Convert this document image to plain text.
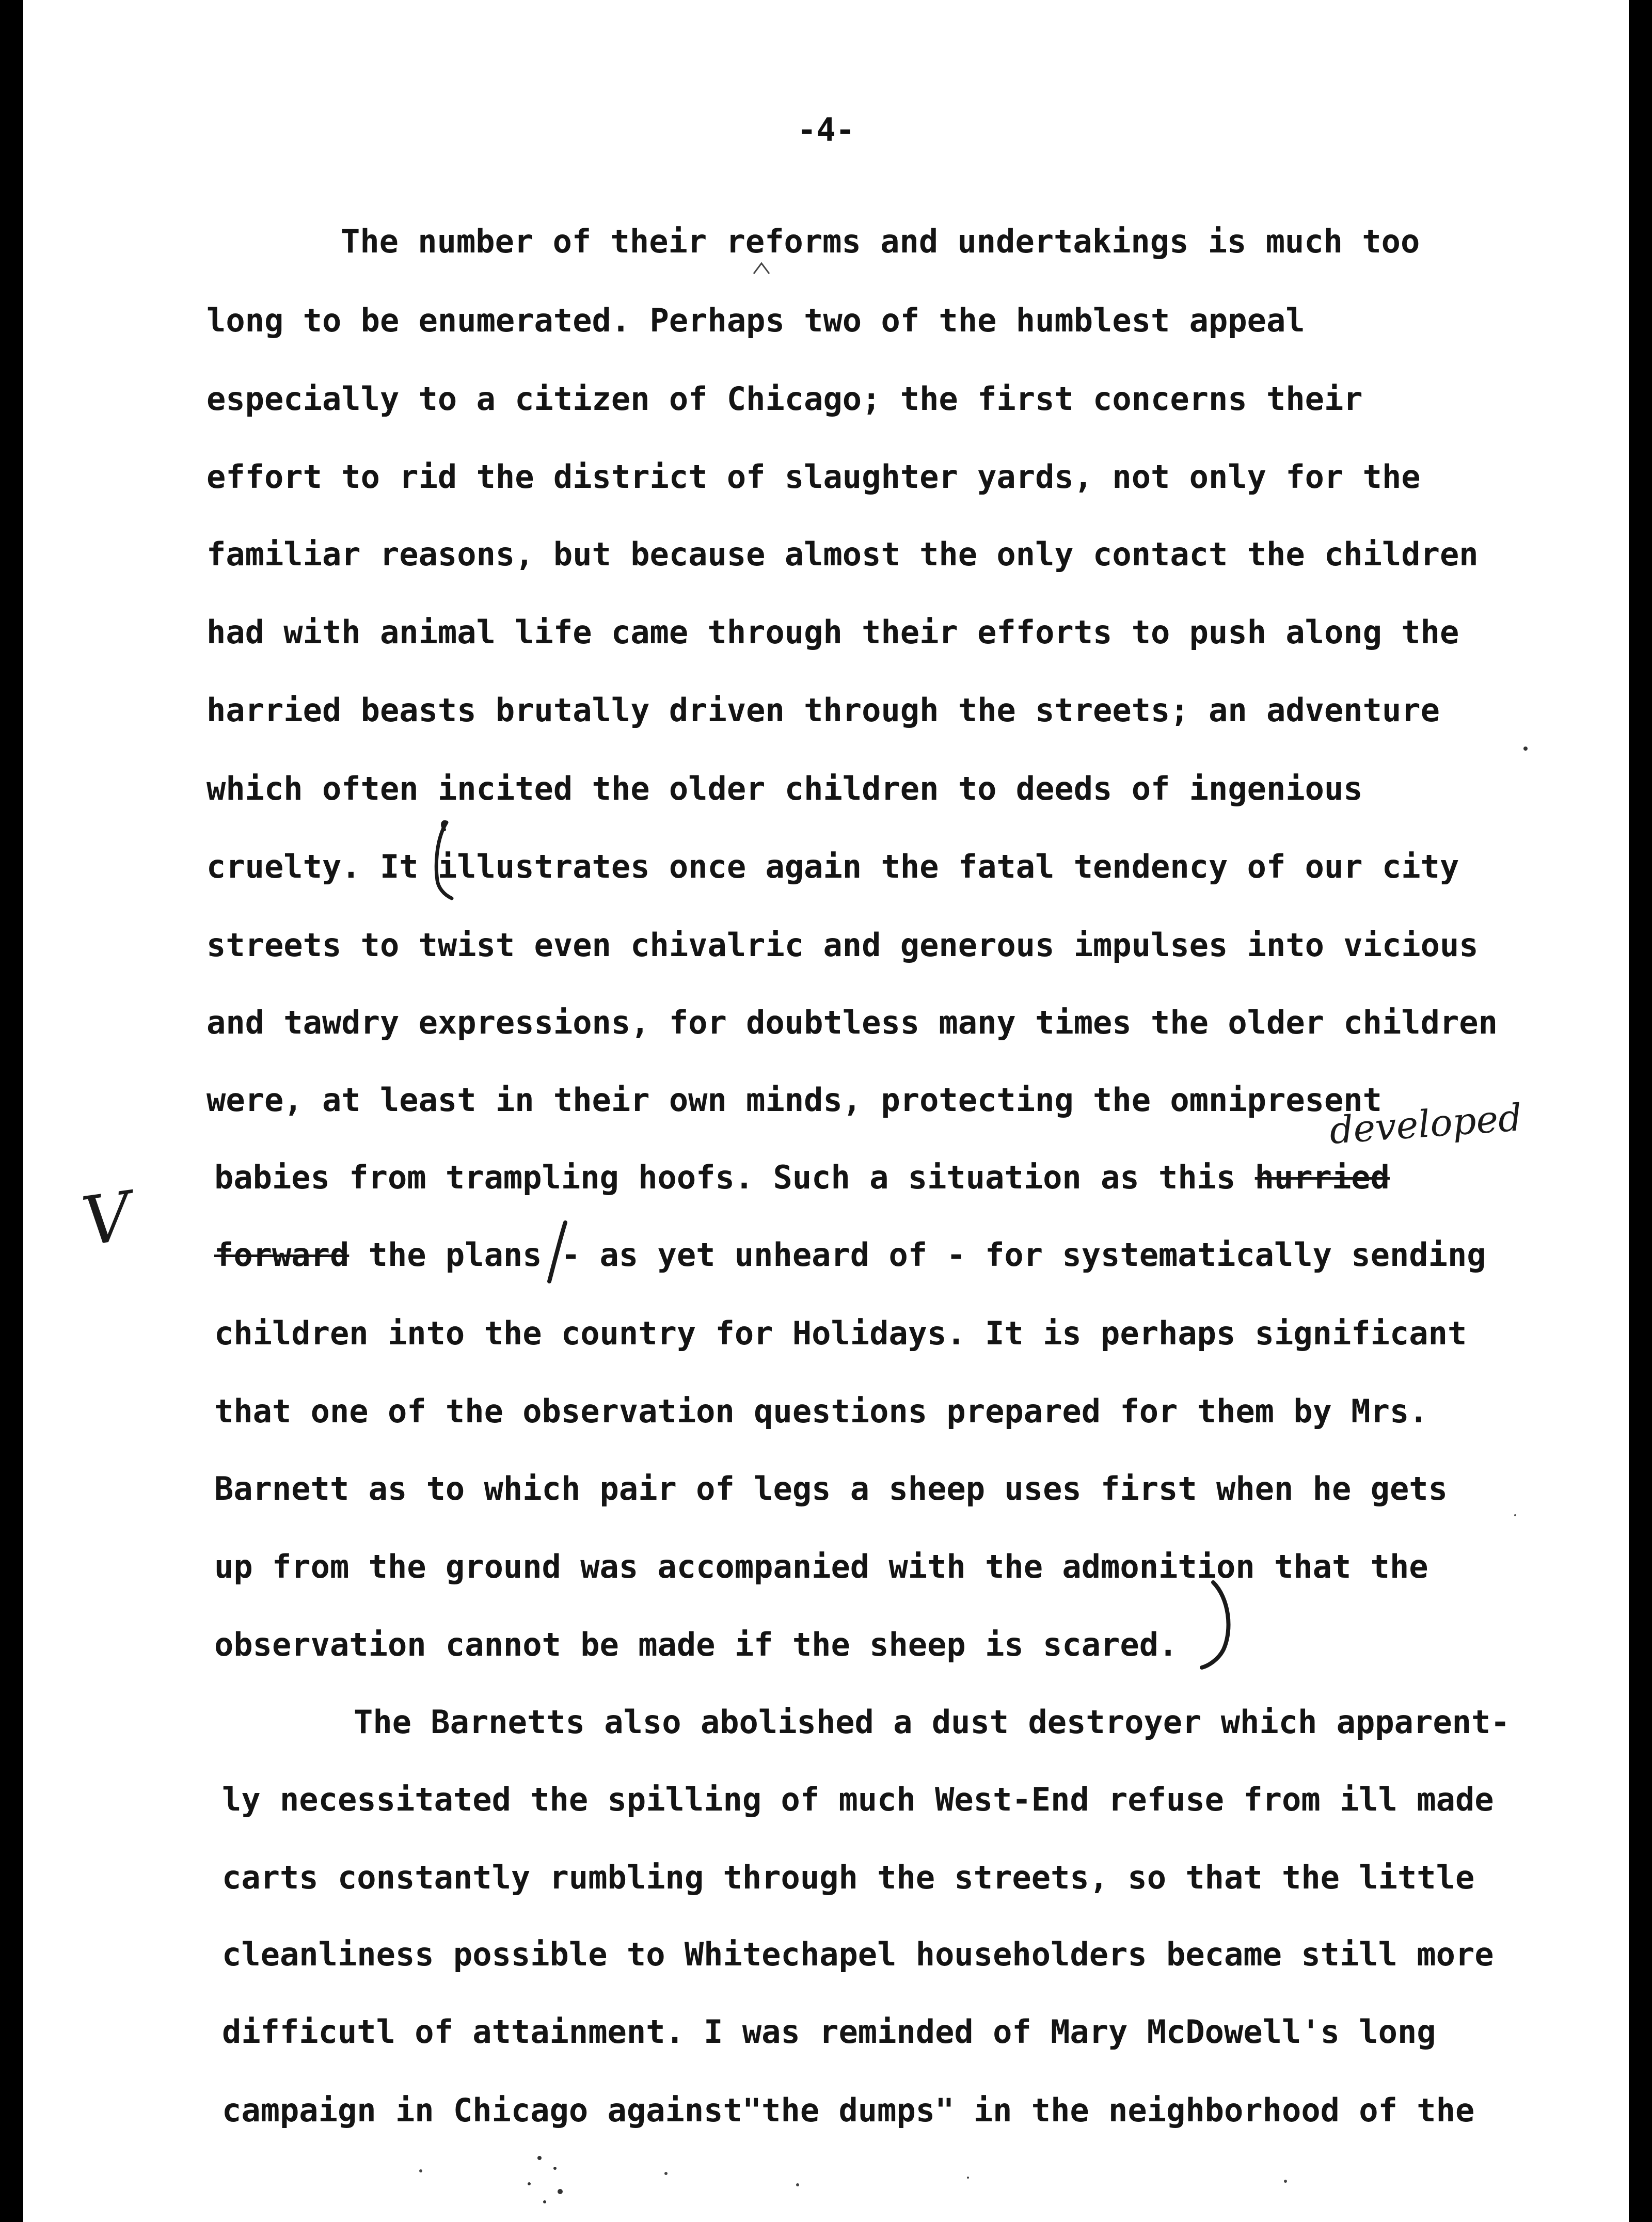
-4-
The number of their reforms and undertakings is much too
long to be enumerated. Perhaps two of the humblest appeal
especially to a citizen of Chicago; the first concerns their
effort to rid the district of slaughter yards, not only for the
familiar reasons, but because almost the only contact the children
had with animal life came through their efforts to push along the
harried beasts brutally driven through the streets; an adventure
which often incited the older children to deeds of ingenious
cruelty. It illustrates once again the fatal tendency of our city
streets to twist even chivalric and generous impulses into vicious
and tawdry expressions, for doubtless many times the older children
were, at least in their own minds, protecting the omnipresent
babies from trampling hoofs. Such a situation as this hurried
forward the plans - as yet unheard of - for systematically sending
children into the country for Holidays. It is perhaps significant
that one of the observation questions prepared for them by Mrs.
Barnett as to which pair of legs a sheep uses first when he gets
up from the ground was accompanied with the admonition that the
observation cannot be made if the sheep is scared.
The Barnetts also abolished a dust destroyer which apparent-
ly necessitated the spilling of much West-End refuse from ill made
carts constantly rumbling through the streets, so that the little
cleanliness possible to Whitechapel householders became still more
difficutl of attainment. I was reminded of Mary McDowell's long
campaign in Chicago against"the dumps" in the neighborhood of the
developed
V
